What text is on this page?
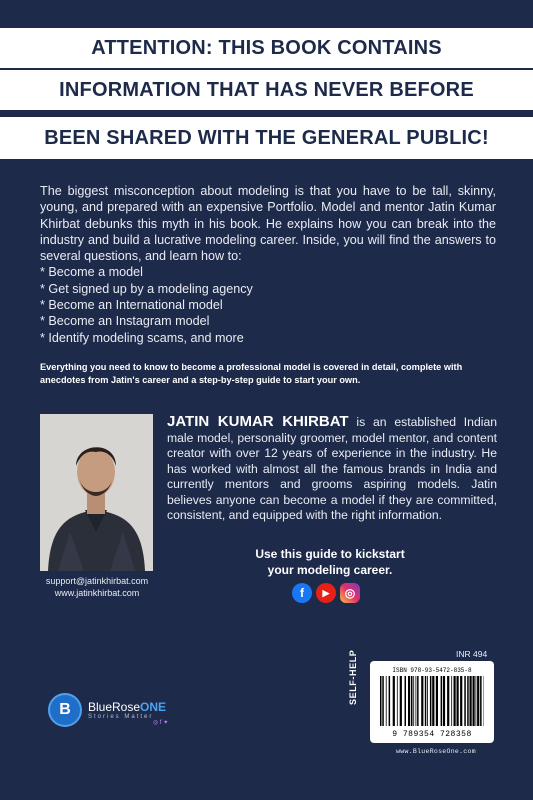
ATTENTION: THIS BOOK CONTAINS
INFORMATION THAT HAS NEVER BEFORE
BEEN SHARED WITH THE GENERAL PUBLIC!

The biggest misconception about modeling is that you have to be tall, skinny, young, and prepared with an expensive Portfolio. Model and mentor Jatin Kumar Khirbat debunks this myth in his book. He explains how you can break into the industry and build a lucrative modeling career. Inside, you will find the answers to several questions, and learn how to:

* Become a model
* Get signed up by a modeling agency
* Become an International model
* Become an Instagram model
* Identify modeling scams, and more
Everything you need to know to become a professional model is covered in detail, complete with anecdotes from Jatin's career and a step-by-step guide to start your own.
support@jatinkhirbat.com
www.jatinkhirbat.com
JATIN KUMAR KHIRBAT is an established Indian male model, personality groomer, model mentor, and content creator with over 12 years of experience in the industry. He has worked with almost all the famous brands in India and currently mentors and grooms aspiring models. Jatin believes anyone can become a model if they are committed, consistent, and equipped with the right information.
Use this guide to kickstart
your modeling career.
f	▶	◎
INR 494
SELF-HELP	ISBN 978-93-5472-835-8
9 789354 728358
www.BlueRoseOne.com
B	BlueRoseONE
Stories Matter
◎ f ✦
